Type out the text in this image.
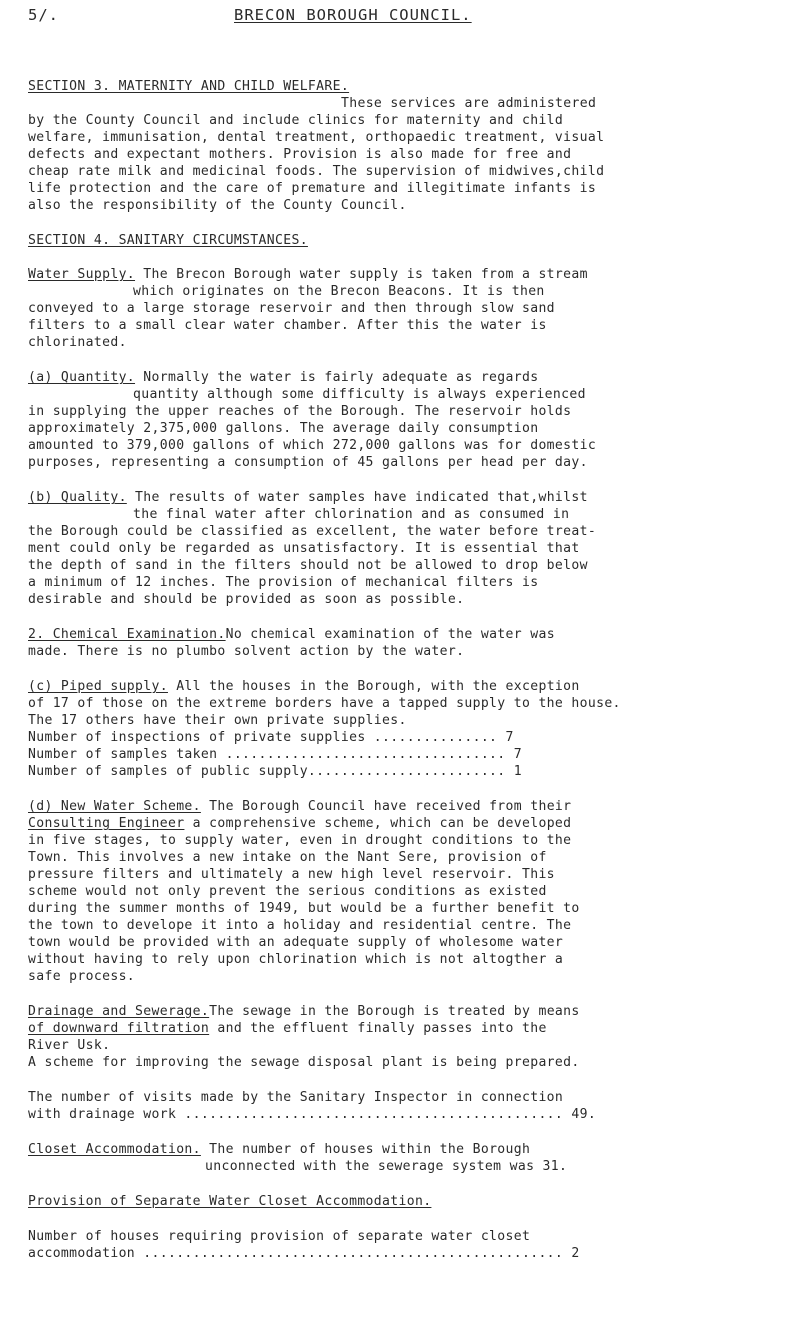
5/.	BRECON BOROUGH COUNCIL.
SECTION 3. MATERNITY AND CHILD WELFARE.
These services are administered
by the County Council and include clinics for maternity and child
welfare, immunisation, dental treatment, orthopaedic treatment, visual
defects and expectant mothers. Provision is also made for free and
cheap rate milk and medicinal foods. The supervision of midwives,child
life protection and the care of premature and illegitimate infants is
also the responsibility of the County Council.
SECTION 4. SANITARY CIRCUMSTANCES.
Water Supply. The Brecon Borough water supply is taken from a stream
which originates on the Brecon Beacons. It is then
conveyed to a large storage reservoir and then through slow sand
filters to a small clear water chamber. After this the water is
chlorinated.
(a) Quantity. Normally the water is fairly adequate as regards
quantity although some difficulty is always experienced
in supplying the upper reaches of the Borough. The reservoir holds
approximately 2,375,000 gallons. The average daily consumption
amounted to 379,000 gallons of which 272,000 gallons was for domestic
purposes, representing a consumption of 45 gallons per head per day.
(b) Quality. The results of water samples have indicated that,whilst
the final water after chlorination and as consumed in
the Borough could be classified as excellent, the water before treat-
ment could only be regarded as unsatisfactory. It is essential that
the depth of sand in the filters should not be allowed to drop below
a minimum of 12 inches. The provision of mechanical filters is
desirable and should be provided as soon as possible.
2. Chemical Examination.No chemical examination of the water was
made. There is no plumbo solvent action by the water.
(c) Piped supply. All the houses in the Borough, with the exception
of 17 of those on the extreme borders have a tapped supply to the house.
The 17 others have their own private supplies.
Number of inspections of private supplies ............... 7
Number of samples taken .................................. 7
Number of samples of public supply........................ 1
(d) New Water Scheme. The Borough Council have received from their
Consulting Engineer a comprehensive scheme, which can be developed
in five stages, to supply water, even in drought conditions to the
Town. This involves a new intake on the Nant Sere, provision of
pressure filters and ultimately a new high level reservoir. This
scheme would not only prevent the serious conditions as existed
during the summer months of 1949, but would be a further benefit to
the town to develope it into a holiday and residential centre. The
town would be provided with an adequate supply of wholesome water
without having to rely upon chlorination which is not altogther a
safe process.
Drainage and Sewerage.The sewage in the Borough is treated by means
of downward filtration and the effluent finally passes into the
River Usk.
A scheme for improving the sewage disposal plant is being prepared.
The number of visits made by the Sanitary Inspector in connection
with drainage work .............................................. 49.
Closet Accommodation. The number of houses within the Borough
unconnected with the sewerage system was 31.
Provision of Separate Water Closet Accommodation.
Number of houses requiring provision of separate water closet
accommodation ................................................... 2
